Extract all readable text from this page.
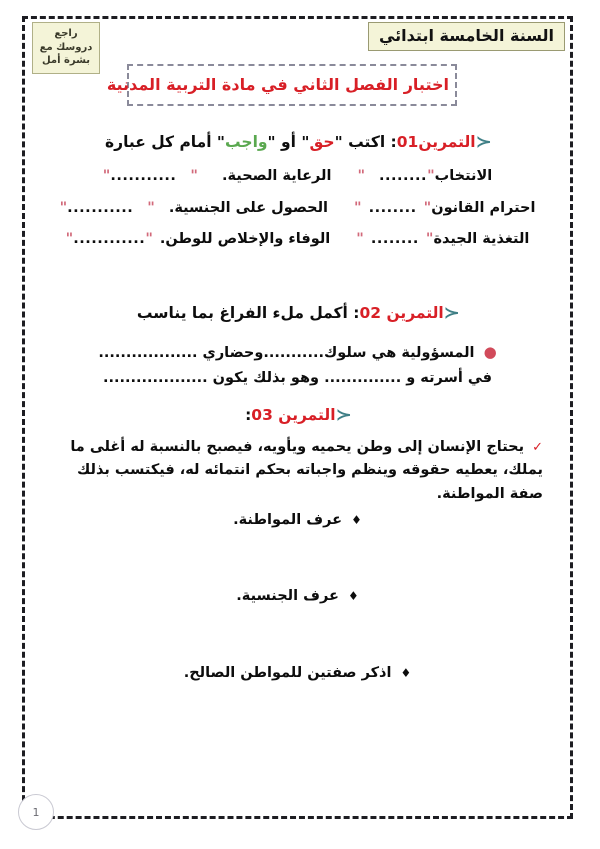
السنة الخامسة ابتدائي
راجع
دروسك مع
بشرة أمل
اختبار الفصل الثاني في مادة التربية المدنية
≺
التمرين01
: اكتب "
حق
" أو "
واجب
" أمام كل عبارة
الانتخاب
"
........
"
الرعاية الصحية.
"
...........
"
احترام القانون
"
........
"
الحصول على الجنسية.
"
...........
"
التغذية الجيدة
"
........
"
الوفاء والإخلاص للوطن.
"
............
"
≺
التمرين 02
: أكمل ملء الفراغ بما يناسب
● المسؤولية هي سلوك...........وحضاري ..................
في أسرته و .............. وهو بذلك يكون ...................
≺
التمرين 03
:
✓ يحتاج الإنسان إلى وطن يحميه ويأويه، فيصبح بالنسبة له أغلى ما يملك، يعطيه حقوقه وينظم واجباته بحكم انتمائه له، فيكتسب بذلك صفة المواطنة.
♦ عرف المواطنة.
♦ عرف الجنسية.
♦ اذكر صفتين للمواطن الصالح.
1
